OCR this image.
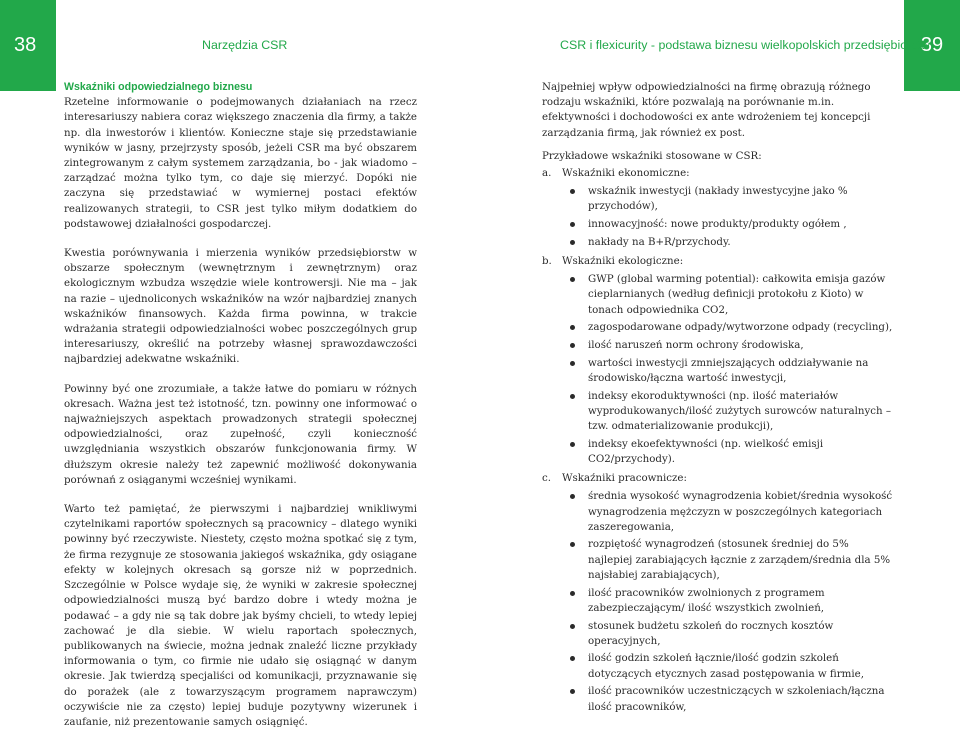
38	39
Narzędzia CSR	CSR i flexicurity - podstawa biznesu wielkopolskich przedsiębiorstw
Wskaźniki odpowiedzialnego biznesu

Rzetelne informowanie o podejmowanych działaniach na rzecz interesariuszy nabiera coraz większego znaczenia dla firmy, a także np. dla inwestorów i klientów. Konieczne staje się przedstawianie wyników w jasny, przejrzysty sposób, jeżeli CSR ma być obszarem zintegrowanym z całym systemem zarządzania, bo - jak wiadomo – zarządzać można tylko tym, co daje się mierzyć. Dopóki nie zaczyna się przedstawiać w wymiernej postaci efektów realizowanych strategii, to CSR jest tylko miłym dodatkiem do podstawowej działalności gospodarczej.

Kwestia porównywania i mierzenia wyników przedsiębiorstw w obszarze społecznym (wewnętrznym i zewnętrznym) oraz ekologicznym wzbudza wszędzie wiele kontrowersji. Nie ma – jak na razie – ujednoliconych wskaźników na wzór najbardziej znanych wskaźników finansowych. Każda firma powinna, w trakcie wdrażania strategii odpowiedzialności wobec poszczególnych grup interesariuszy, określić na potrzeby własnej sprawozdawczości najbardziej adekwatne wskaźniki.

Powinny być one zrozumiałe, a także łatwe do pomiaru w różnych okresach. Ważna jest też istotność, tzn. powinny one informować o najważniejszych aspektach prowadzonych strategii społecznej odpowiedzialności, oraz zupełność, czyli konieczność uwzględniania wszystkich obszarów funkcjonowania firmy. W dłuższym okresie należy też zapewnić możliwość dokonywania porównań z osiąganymi wcześniej wynikami.

Warto też pamiętać, że pierwszymi i najbardziej wnikliwymi czytelnikami raportów społecznych są pracownicy – dlatego wyniki powinny być rzeczywiste. Niestety, często można spotkać się z tym, że firma rezygnuje ze stosowania jakiegoś wskaźnika, gdy osiągane efekty w kolejnych okresach są gorsze niż w poprzednich. Szczególnie w Polsce wydaje się, że wyniki w zakresie społecznej odpowiedzialności muszą być bardzo dobre i wtedy można je podawać – a gdy nie są tak dobre jak byśmy chcieli, to wtedy lepiej zachować je dla siebie. W wielu raportach społecznych, publikowanych na świecie, można jednak znaleźć liczne przykłady informowania o tym, co firmie nie udało się osiągnąć w danym okresie. Jak twierdzą specjaliści od komunikacji, przyznawanie się do porażek (ale z towarzyszącym programem naprawczym) oczywiście nie za często) lepiej buduje pozytywny wizerunek i zaufanie, niż prezentowanie samych osiągnięć.

Najpełniej wpływ odpowiedzialności na firmę obrazują różnego rodzaju wskaźniki, które pozwalają na porównanie m.in. efektywności i dochodowości ex ante wdrożeniem tej koncepcji zarządzania firmą, jak również ex post.

Przykładowe wskaźniki stosowane w CSR:

a.	Wskaźniki ekonomiczne:
wskaźnik inwestycji (nakłady inwestycyjne jako % przychodów),
innowacyjność: nowe produkty/produkty ogółem ,
nakłady na B+R/przychody.
b. Wskaźniki ekologiczne:
GWP (global warming potential): całkowita emisja gazów cieplarnianych (według definicji protokołu z Kioto) w tonach odpowiednika CO2,
zagospodarowane odpady/wytworzone odpady (recycling),
ilość naruszeń norm ochrony środowiska,
wartości inwestycji zmniejszających oddziaływanie na środowisko/łączna wartość inwestycji,
indeksy ekoroduktywności (np. ilość materiałów wyprodukowanych/ilość zużytych surowców naturalnych – tzw. odmaterializowanie produkcji),
indeksy ekoefektywności (np. wielkość emisji CO2/przychody).
c.	Wskaźniki pracownicze:
średnia wysokość wynagrodzenia kobiet/średnia wysokość wynagrodzenia mężczyzn w poszczególnych kategoriach zaszeregowania,
rozpiętość wynagrodzeń (stosunek średniej do 5% najlepiej zarabiających łącznie z zarządem/średnia dla 5% najsłabiej zarabiających),
ilość pracowników zwolnionych z programem zabezpieczającym/ ilość wszystkich zwolnień,
stosunek budżetu szkoleń do rocznych kosztów operacyjnych,
ilość godzin szkoleń łącznie/ilość godzin szkoleń dotyczących etycznych zasad postępowania w firmie,
ilość pracowników uczestniczących w szkoleniach/łączna ilość pracowników,
